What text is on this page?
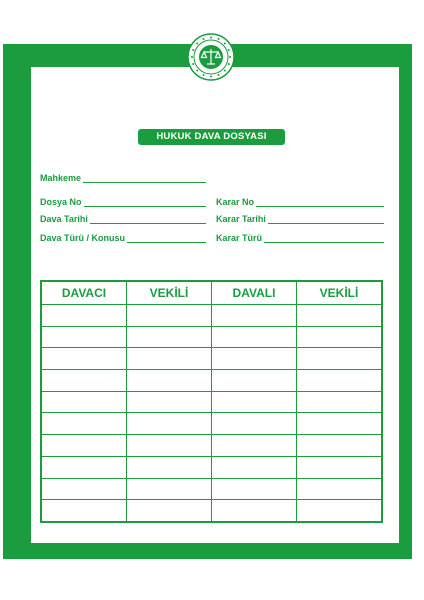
HUKUK DAVA DOSYASI
Mahkeme
Dosya No	Karar No
Dava Tarihi	Karar Tarihi
Dava Türü / Konusu	Karar Türü
DAVACI	VEKİLİ	DAVALI	VEKİLİ
